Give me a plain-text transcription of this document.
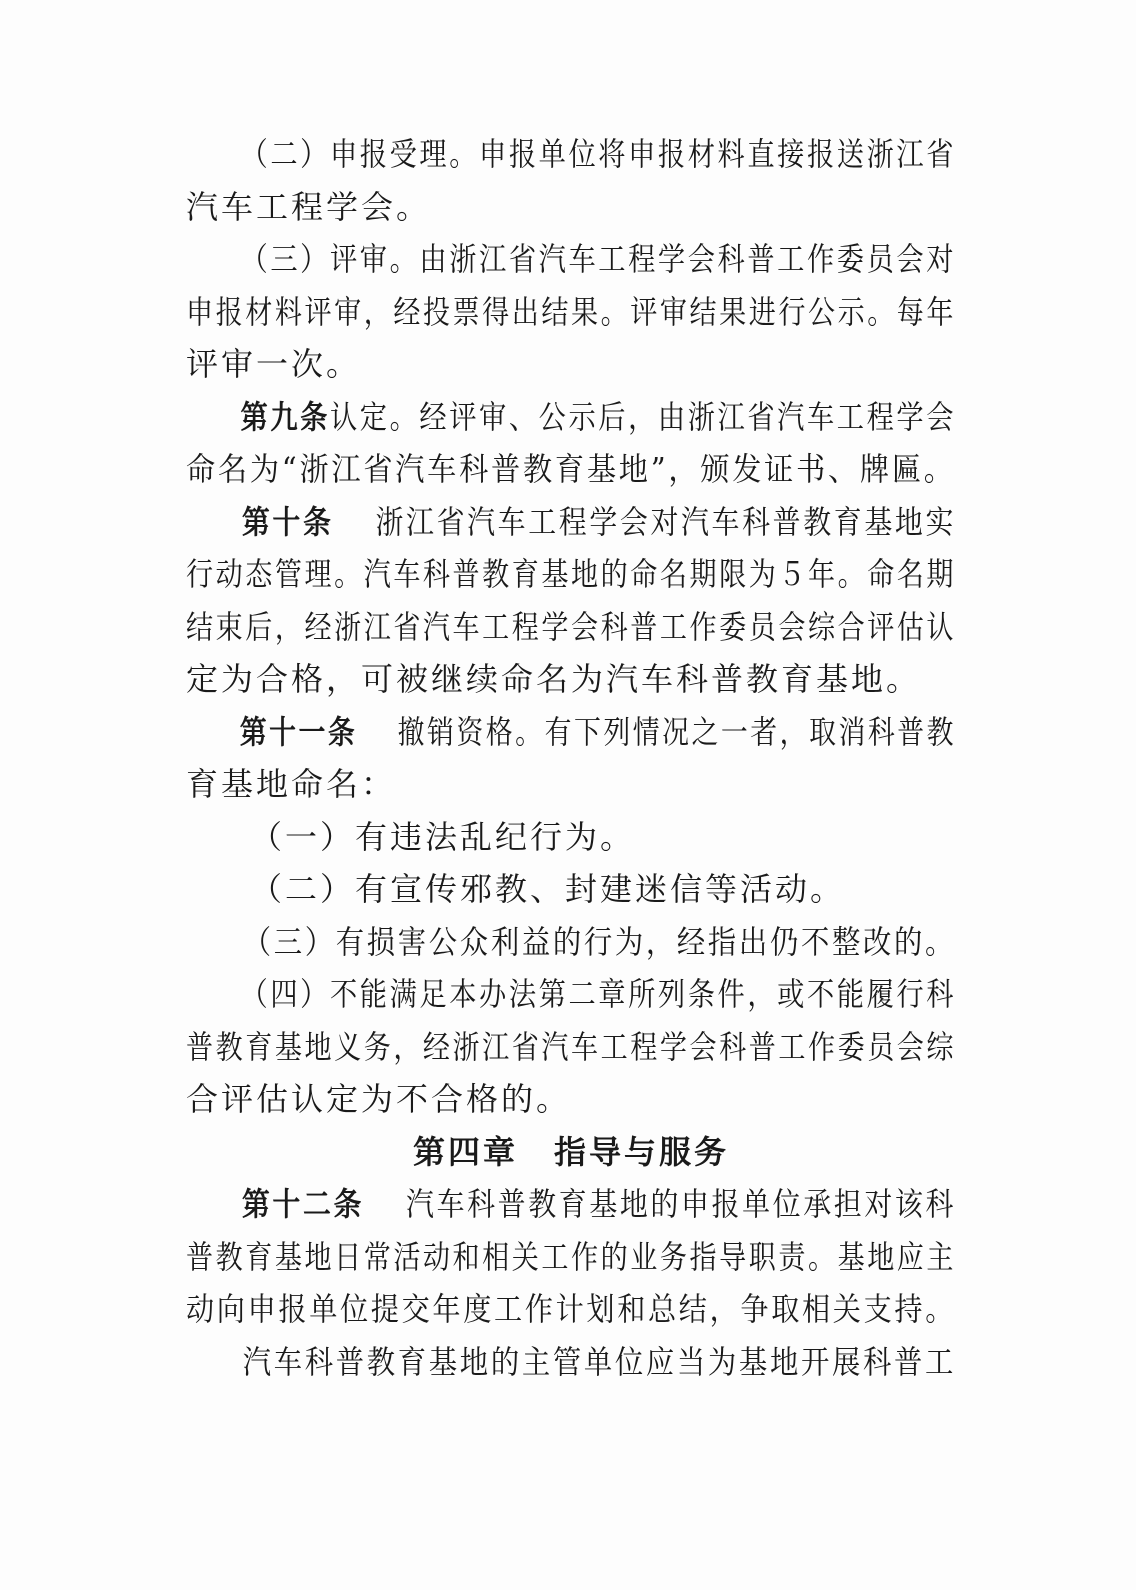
（二）申报受理。申报单位将申报材料直接报送浙江省
汽车工程学会。
（三）评审。由浙江省汽车工程学会科普工作委员会对
申报材料评审，经投票得出结果。评审结果进行公示。每年
评审一次。
第九条认定。经评审、公示后，由浙江省汽车工程学会
命名为“浙江省汽车科普教育基地”，颁发证书、牌匾。
第十条 浙江省汽车工程学会对汽车科普教育基地实
行动态管理。汽车科普教育基地的命名期限为５年。命名期
结束后，经浙江省汽车工程学会科普工作委员会综合评估认
定为合格，可被继续命名为汽车科普教育基地。
第十一条 撤销资格。有下列情况之一者，取消科普教
育基地命名：
（一）有违法乱纪行为。
（二）有宣传邪教、封建迷信等活动。
（三）有损害公众利益的行为，经指出仍不整改的。
（四）不能满足本办法第二章所列条件，或不能履行科
普教育基地义务，经浙江省汽车工程学会科普工作委员会综
合评估认定为不合格的。
第四章 指导与服务
第十二条 汽车科普教育基地的申报单位承担对该科
普教育基地日常活动和相关工作的业务指导职责。基地应主
动向申报单位提交年度工作计划和总结，争取相关支持。
汽车科普教育基地的主管单位应当为基地开展科普工
